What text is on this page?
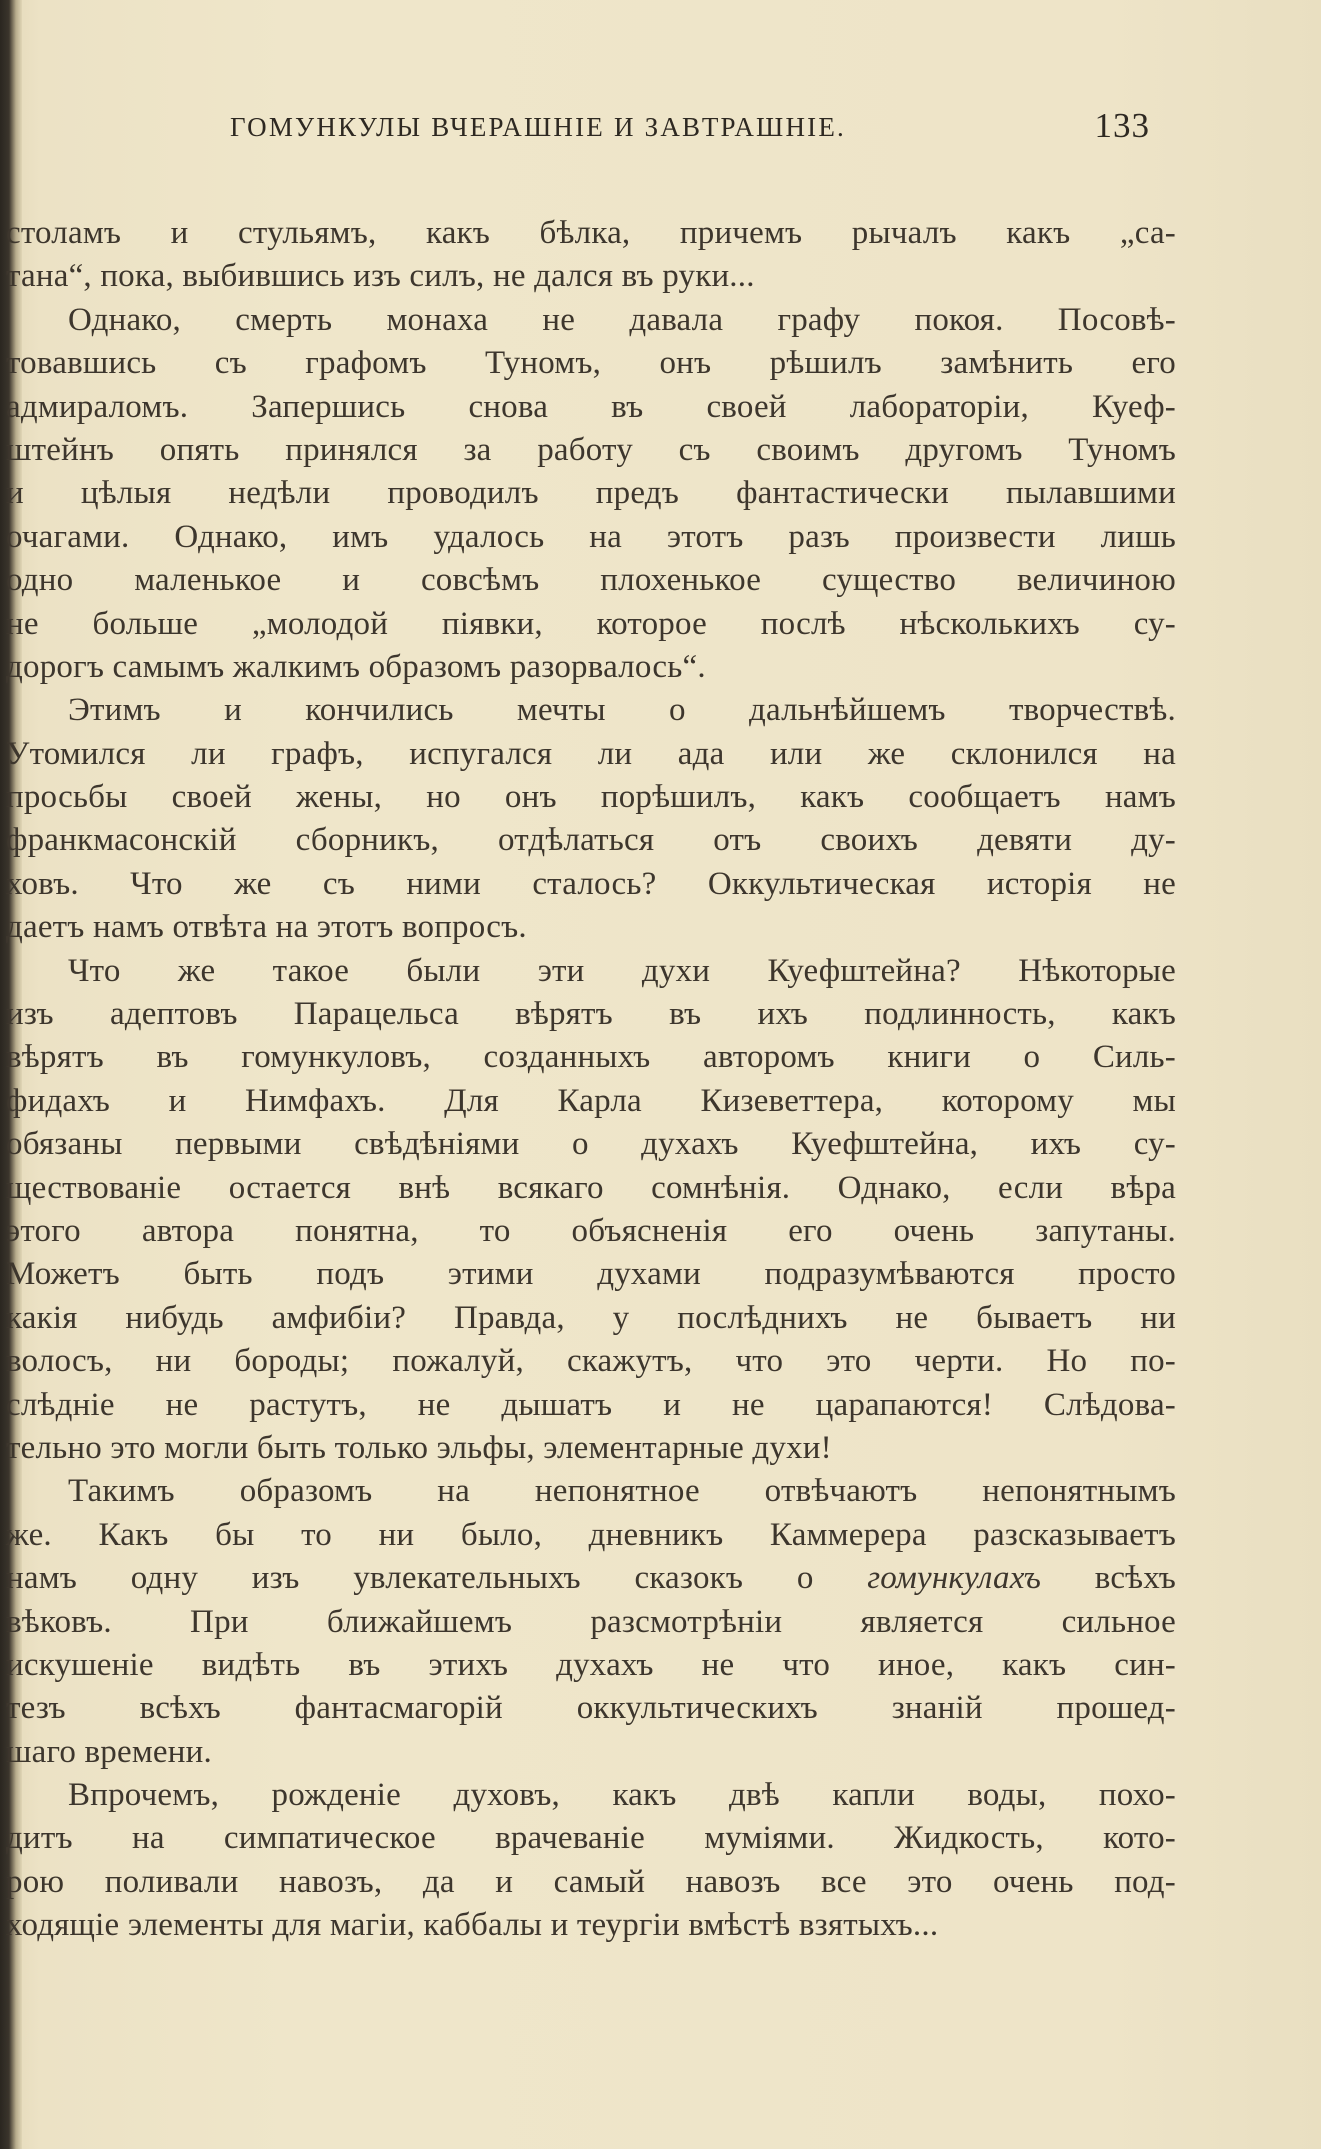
ГОМУНКУЛЫ ВЧЕРАШНІЕ И ЗАВТРАШНІЕ.	133
столамъ и стульямъ, какъ бѣлка, причемъ рычалъ какъ „са-
тана“, пока, выбившись изъ силъ, не дался въ руки...
Однако, смерть монаха не давала графу покоя. Посовѣ-
товавшись съ графомъ Туномъ, онъ рѣшилъ замѣнить его
адмираломъ. Запершись снова въ своей лабораторіи, Куеф-
штейнъ опять принялся за работу съ своимъ другомъ Туномъ
и цѣлыя недѣли проводилъ предъ фантастически пылавшими
очагами. Однако, имъ удалось на этотъ разъ произвести лишь
одно маленькое и совсѣмъ плохенькое существо величиною
не больше „молодой піявки, которое послѣ нѣсколькихъ су-
дорогъ самымъ жалкимъ образомъ разорвалось“.
Этимъ и кончились мечты о дальнѣйшемъ творчествѣ.
Утомился ли графъ, испугался ли ада или же склонился на
просьбы своей жены, но онъ порѣшилъ, какъ сообщаетъ намъ
франкмасонскій сборникъ, отдѣлаться отъ своихъ девяти ду-
ховъ. Что же съ ними сталось? Оккультическая исторія не
даетъ намъ отвѣта на этотъ вопросъ.
Что же такое были эти духи Куефштейна? Нѣкоторые
изъ адептовъ Парацельса вѣрятъ въ ихъ подлинность, какъ
вѣрятъ въ гомункуловъ, созданныхъ авторомъ книги о Силь-
фидахъ и Нимфахъ. Для Карла Кизеветтера, которому мы
обязаны первыми свѣдѣніями о духахъ Куефштейна, ихъ су-
ществованіе остается внѣ всякаго сомнѣнія. Однако, если вѣра
этого автора понятна, то объясненія его очень запутаны.
Можетъ быть подъ этими духами подразумѣваются просто
какія нибудь амфибіи? Правда, у послѣднихъ не бываетъ ни
волосъ, ни бороды; пожалуй, скажутъ, что это черти. Но по-
слѣдніе не растутъ, не дышатъ и не царапаются! Слѣдова-
тельно это могли быть только эльфы, элементарные духи!
Такимъ образомъ на непонятное отвѣчаютъ непонятнымъ
же. Какъ бы то ни было, дневникъ Каммерера разсказываетъ
намъ одну изъ увлекательныхъ сказокъ о гомункулахъ всѣхъ
вѣковъ. При ближайшемъ разсмотрѣніи является сильное
искушеніе видѣть въ этихъ духахъ не что иное, какъ син-
тезъ всѣхъ фантасмагорій оккультическихъ знаній прошед-
шаго времени.
Впрочемъ, рожденіе духовъ, какъ двѣ капли воды, похо-
дитъ на симпатическое врачеваніе муміями. Жидкость, кото-
рою поливали навозъ, да и самый навозъ все это очень под-
ходящіе элементы для магіи, каббалы и теургіи вмѣстѣ взятыхъ...
